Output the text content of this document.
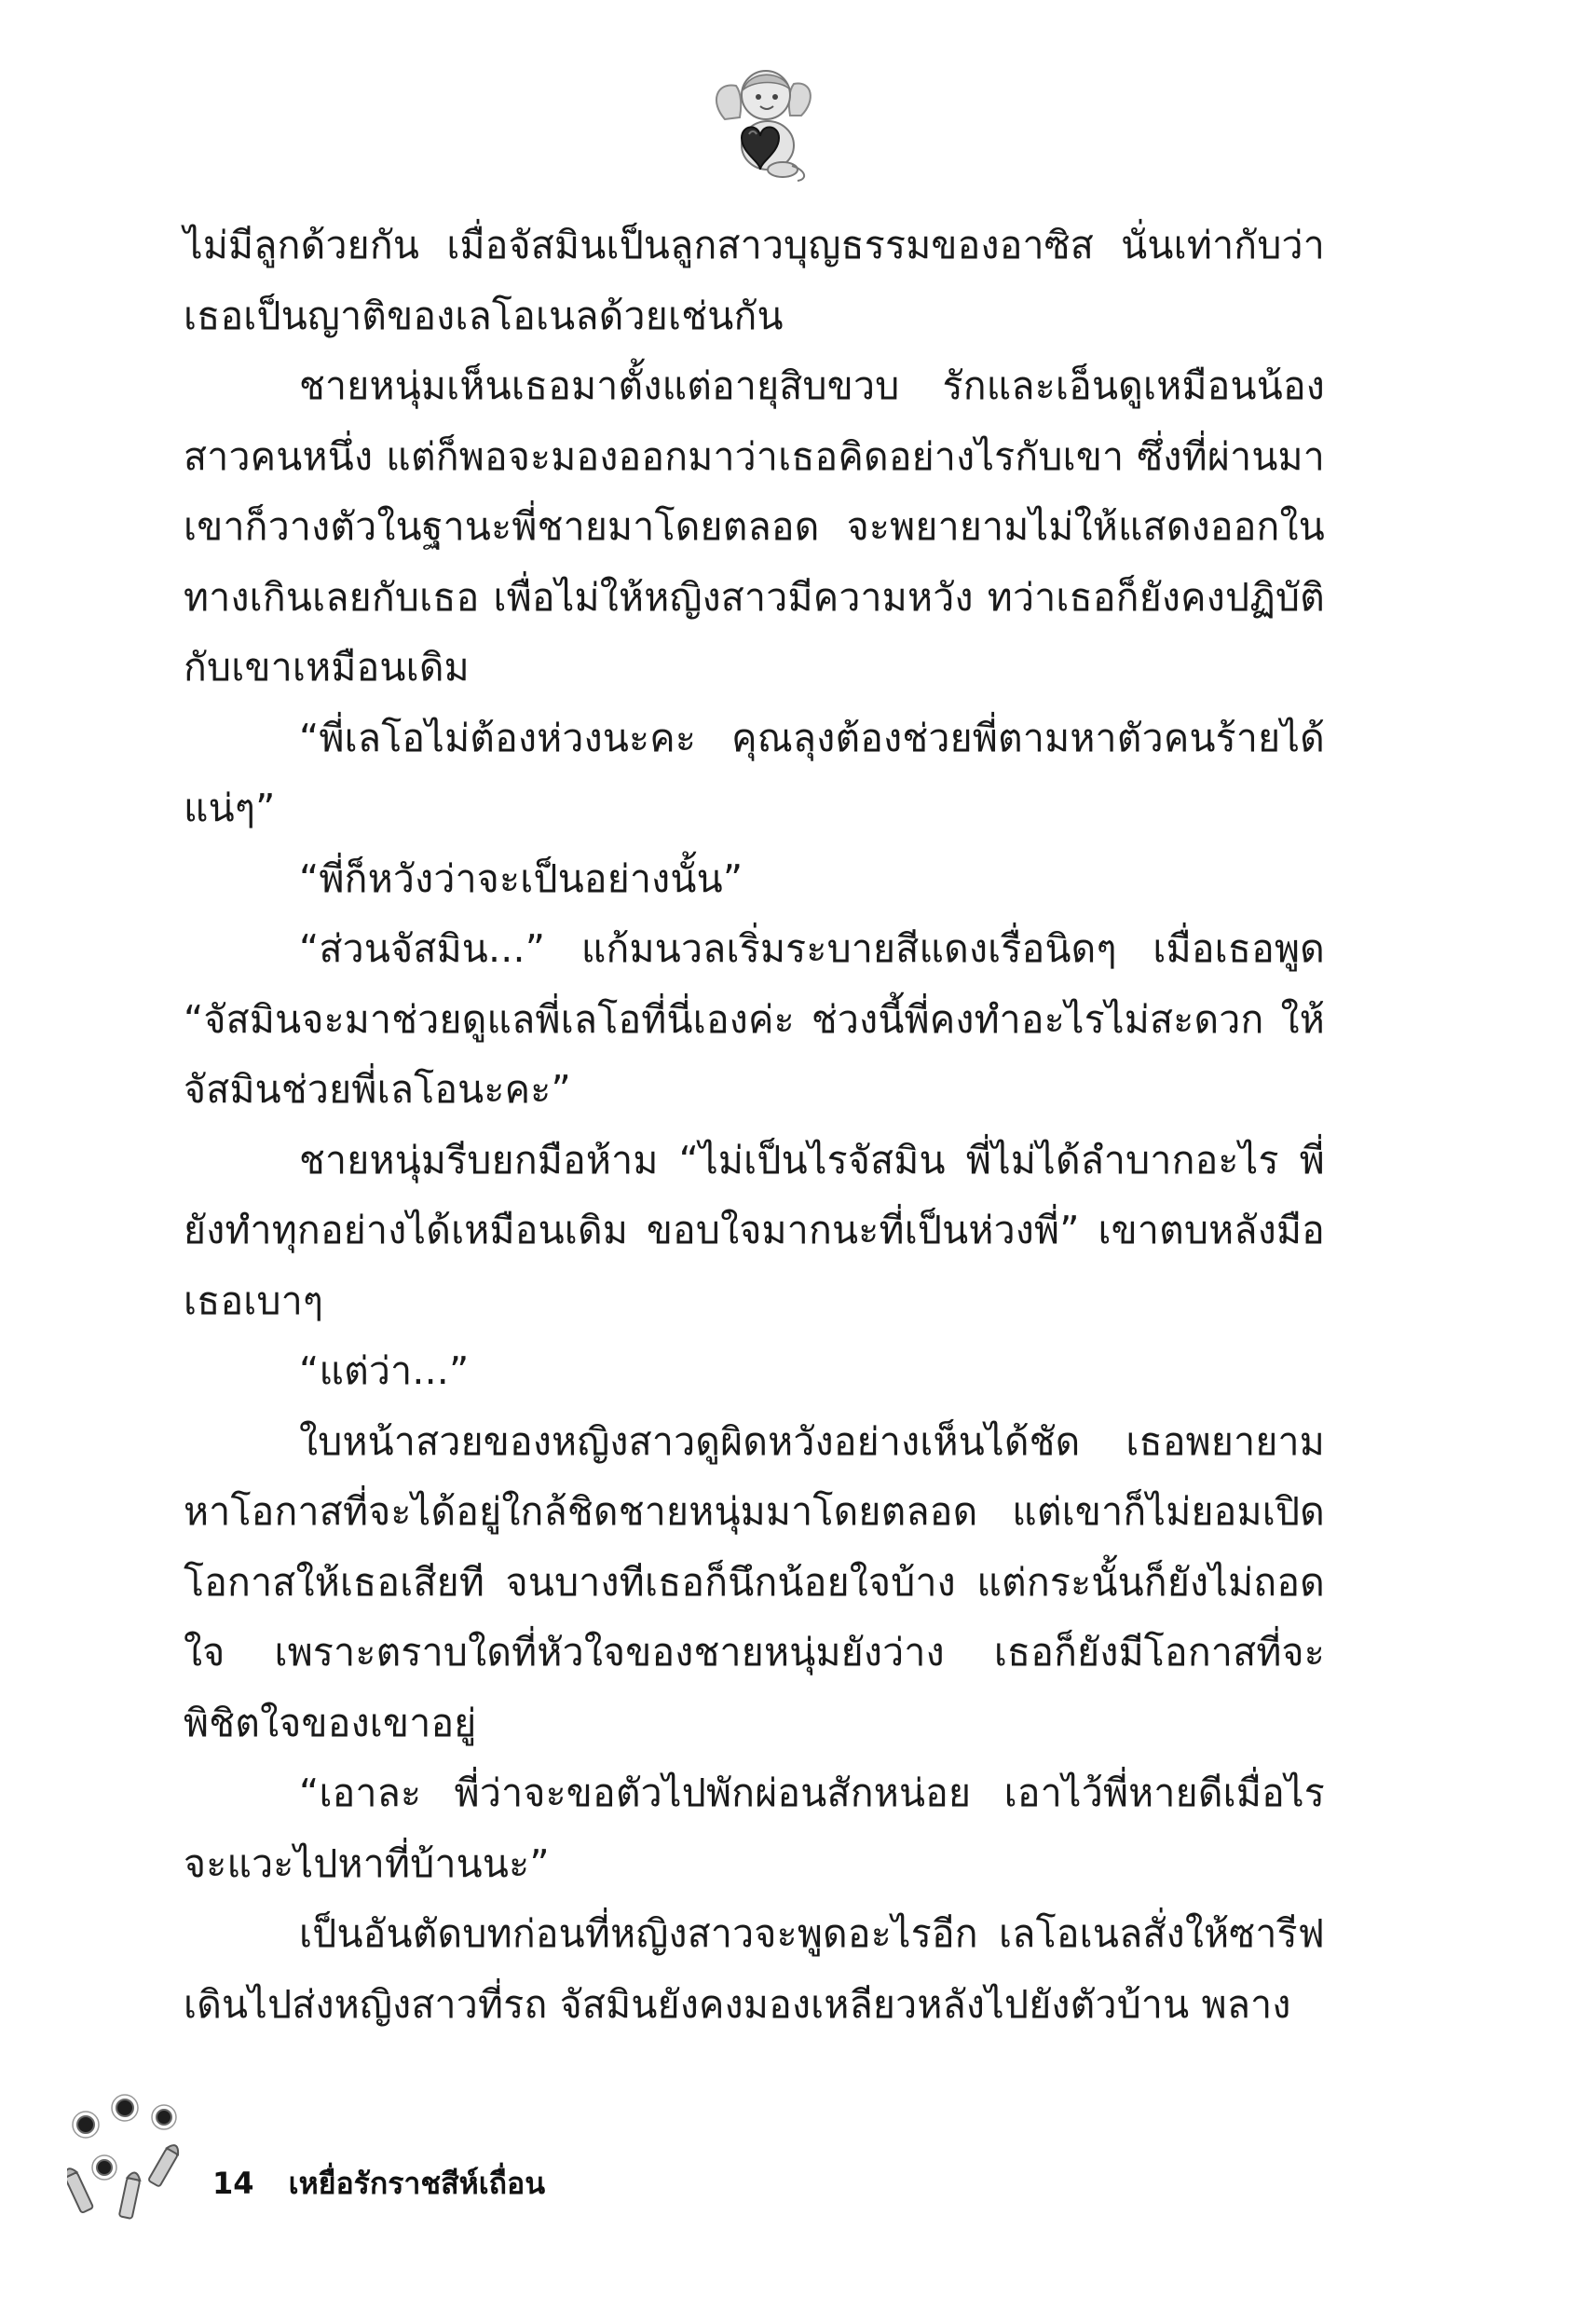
ไม่มีลูกด้วยกัน เมื่อจัสมินเป็นลูกสาวบุญธรรมของอาซิส นั่นเท่ากับว่าเธอเป็นญาติของเลโอเนลด้วยเช่นกัน

ชายหนุ่มเห็นเธอมาตั้งแต่อายุสิบขวบ รักและเอ็นดูเหมือนน้องสาวคนหนึ่ง แต่ก็พอจะมองออกมาว่าเธอคิดอย่างไรกับเขา ซึ่งที่ผ่านมาเขาก็วางตัวในฐานะพี่ชายมาโดยตลอด จะพยายามไม่ให้แสดงออกในทางเกินเลยกับเธอ เพื่อไม่ให้หญิงสาวมีความหวัง ทว่าเธอก็ยังคงปฏิบัติกับเขาเหมือนเดิม

“พี่เลโอไม่ต้องห่วงนะคะ คุณลุงต้องช่วยพี่ตามหาตัวคนร้ายได้แน่ๆ”

“พี่ก็หวังว่าจะเป็นอย่างนั้น”

“ส่วนจัสมิน...” แก้มนวลเริ่มระบายสีแดงเรื่อนิดๆ เมื่อเธอพูด “จัสมินจะมาช่วยดูแลพี่เลโอที่นี่เองค่ะ ช่วงนี้พี่คงทำอะไรไม่สะดวก ให้จัสมินช่วยพี่เลโอนะคะ”

ชายหนุ่มรีบยกมือห้าม “ไม่เป็นไรจัสมิน พี่ไม่ได้ลำบากอะไร พี่ยังทำทุกอย่างได้เหมือนเดิม ขอบใจมากนะที่เป็นห่วงพี่” เขาตบหลังมือเธอเบาๆ

“แต่ว่า...”

ใบหน้าสวยของหญิงสาวดูผิดหวังอย่างเห็นได้ชัด เธอพยายามหาโอกาสที่จะได้อยู่ใกล้ชิดชายหนุ่มมาโดยตลอด แต่เขาก็ไม่ยอมเปิดโอกาสให้เธอเสียที จนบางทีเธอก็นึกน้อยใจบ้าง แต่กระนั้นก็ยังไม่ถอดใจ เพราะตราบใดที่หัวใจของชายหนุ่มยังว่าง เธอก็ยังมีโอกาสที่จะพิชิตใจของเขาอยู่

“เอาละ พี่ว่าจะขอตัวไปพักผ่อนสักหน่อย เอาไว้พี่หายดีเมื่อไรจะแวะไปหาที่บ้านนะ”

เป็นอันตัดบทก่อนที่หญิงสาวจะพูดอะไรอีก เลโอเนลสั่งให้ซารีฟเดินไปส่งหญิงสาวที่รถ จัสมินยังคงมองเหลียวหลังไปยังตัวบ้าน พลาง

14 เหยื่อรักราชสีห์เถื่อน
